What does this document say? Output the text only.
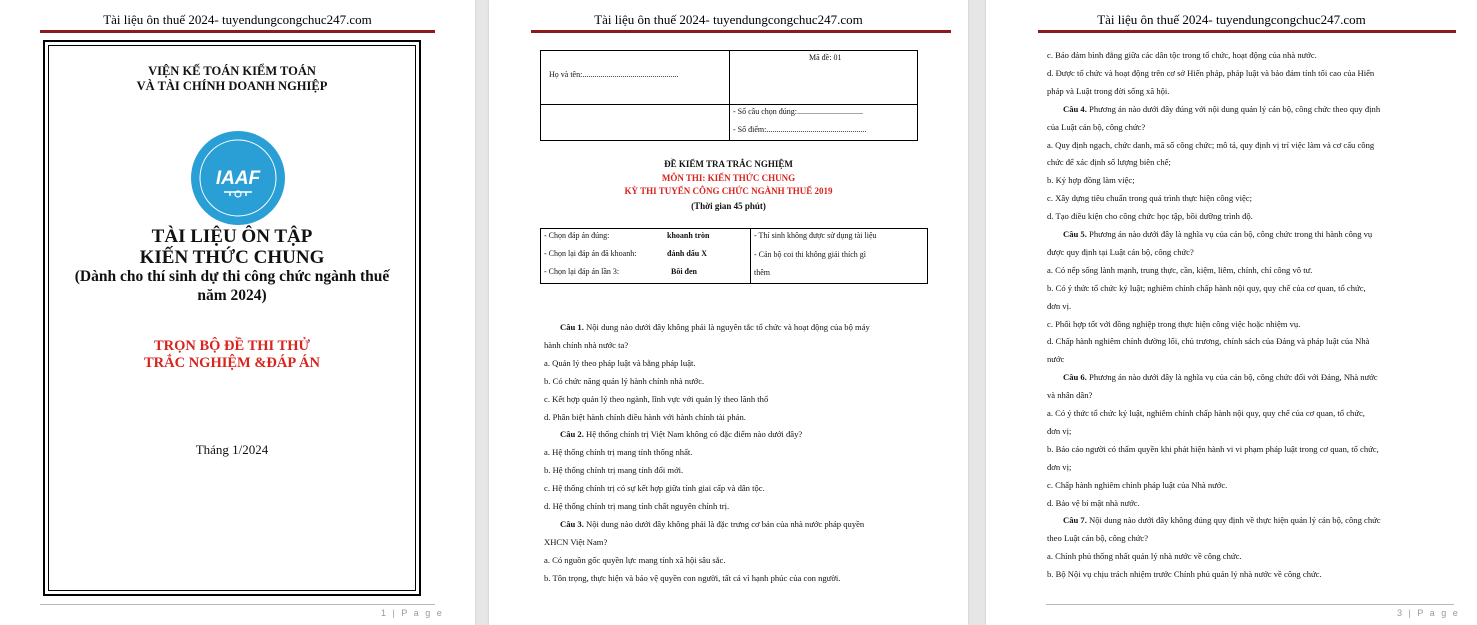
Tài liệu ôn thuế 2024- tuyendungcongchuc247.com
VIỆN KẾ TOÁN KIỂM TOÁN
VÀ TÀI CHÍNH DOANH NGHIỆP
IAAF
TÀI LIỆU ÔN TẬP
KIẾN THỨC CHUNG
(Dành cho thí sinh dự thi công chức ngành thuế
năm 2024)
TRỌN BỘ ĐỀ THI THỬ
TRẮC NGHIỆM &ĐÁP ÁN
Tháng 1/2024
1 | P a g e
Tài liệu ôn thuế 2024- tuyendungcongchuc247.com
Mã đề: 01
Họ và tên:................................................
- Số câu chọn đúng:.................................
- Số điểm:..................................................
ĐỀ KIỂM TRA TRẮC NGHIỆM
MÔN THI: KIẾN THỨC CHUNG
KỲ THI TUYỂN CÔNG CHỨC NGÀNH THUẾ 2019
(Thời gian 45 phút)
- Chọn đáp án đúng:	khoanh tròn
- Chọn lại đáp án đã khoanh:	đánh dấu X
- Chọn lại đáp án lần 3:	Bôi đen
- Thí sinh không được sử dụng tài liệu
- Cán bộ coi thi không giải thích gì
thêm
Câu 1. Nội dung nào dưới đây không phải là nguyên tắc tổ chức và hoạt động của bộ máy
hành chính nhà nước ta?
a. Quản lý theo pháp luật và bằng pháp luật.
b. Có chức năng quản lý hành chính nhà nước.
c. Kết hợp quản lý theo ngành, lĩnh vực với quản lý theo lãnh thổ
d. Phân biệt hành chính điều hành với hành chính tài phán.
Câu 2. Hệ thống chính trị Việt Nam không có đặc điểm nào dưới đây?
a. Hệ thống chính trị mang tính thống nhất.
b. Hệ thống chính trị mang tính đổi mới.
c. Hệ thống chính trị có sự kết hợp giữa tính giai cấp và dân tộc.
d. Hệ thống chính trị mang tính chất nguyên chính trị.
Câu 3. Nội dung nào dưới đây không phải là đặc trưng cơ bản của nhà nước pháp quyền
XHCN Việt Nam?
a. Có nguồn gốc quyền lực mang tính xã hội sâu sắc.
b. Tôn trọng, thực hiện và bảo vệ quyền con người, tất cả vì hạnh phúc của con người.
Tài liệu ôn thuế 2024- tuyendungcongchuc247.com
c. Bảo đảm bình đẳng giữa các dân tộc trong tổ chức, hoạt động của nhà nước.
d. Được tổ chức và hoạt động trên cơ sở Hiến pháp, pháp luật và bảo đảm tính tối cao của Hiến
pháp và Luật trong đời sống xã hội.
Câu 4. Phương án nào dưới đây đúng với nội dung quản lý cán bộ, công chức theo quy định
của Luật cán bộ, công chức?
a. Quy định ngạch, chức danh, mã số công chức; mô tả, quy định vị trí việc làm và cơ cấu công
chức để xác định số lượng biên chế;
b. Ký hợp đồng làm việc;
c. Xây dựng tiêu chuẩn trong quá trình thực hiện công việc;
d. Tạo điều kiện cho công chức học tập, bồi dưỡng trình độ.
Câu 5. Phương án nào dưới đây là nghĩa vụ của cán bộ, công chức trong thi hành công vụ
được quy định tại Luật cán bộ, công chức?
a. Có nếp sống lành mạnh, trung thực, cần, kiệm, liêm, chính, chí công vô tư.
b. Có ý thức tổ chức kỷ luật; nghiêm chỉnh chấp hành nội quy, quy chế của cơ quan, tổ chức,
đơn vị.
c. Phối hợp tốt với đồng nghiệp trong thực hiện công việc hoặc nhiệm vụ.
d. Chấp hành nghiêm chỉnh đường lối, chủ trương, chính sách của Đảng và pháp luật của Nhà
nước
Câu 6. Phương án nào dưới đây là nghĩa vụ của cán bộ, công chức đối với Đảng, Nhà nước
và nhân dân?
a. Có ý thức tổ chức kỷ luật, nghiêm chỉnh chấp hành nội quy, quy chế của cơ quan, tổ chức,
đơn vị;
b. Báo cáo người có thẩm quyền khi phát hiện hành vi vi phạm pháp luật trong cơ quan, tổ chức,
đơn vị;
c. Chấp hành nghiêm chỉnh pháp luật của Nhà nước.
d. Bảo vệ bí mật nhà nước.
Câu 7. Nội dung nào dưới đây không đúng quy định về thực hiện quản lý cán bộ, công chức
theo Luật cán bộ, công chức?
a. Chính phủ thống nhất quản lý nhà nước về công chức.
b. Bộ Nội vụ chịu trách nhiệm trước Chính phủ quản lý nhà nước về công chức.
3 | P a g e
